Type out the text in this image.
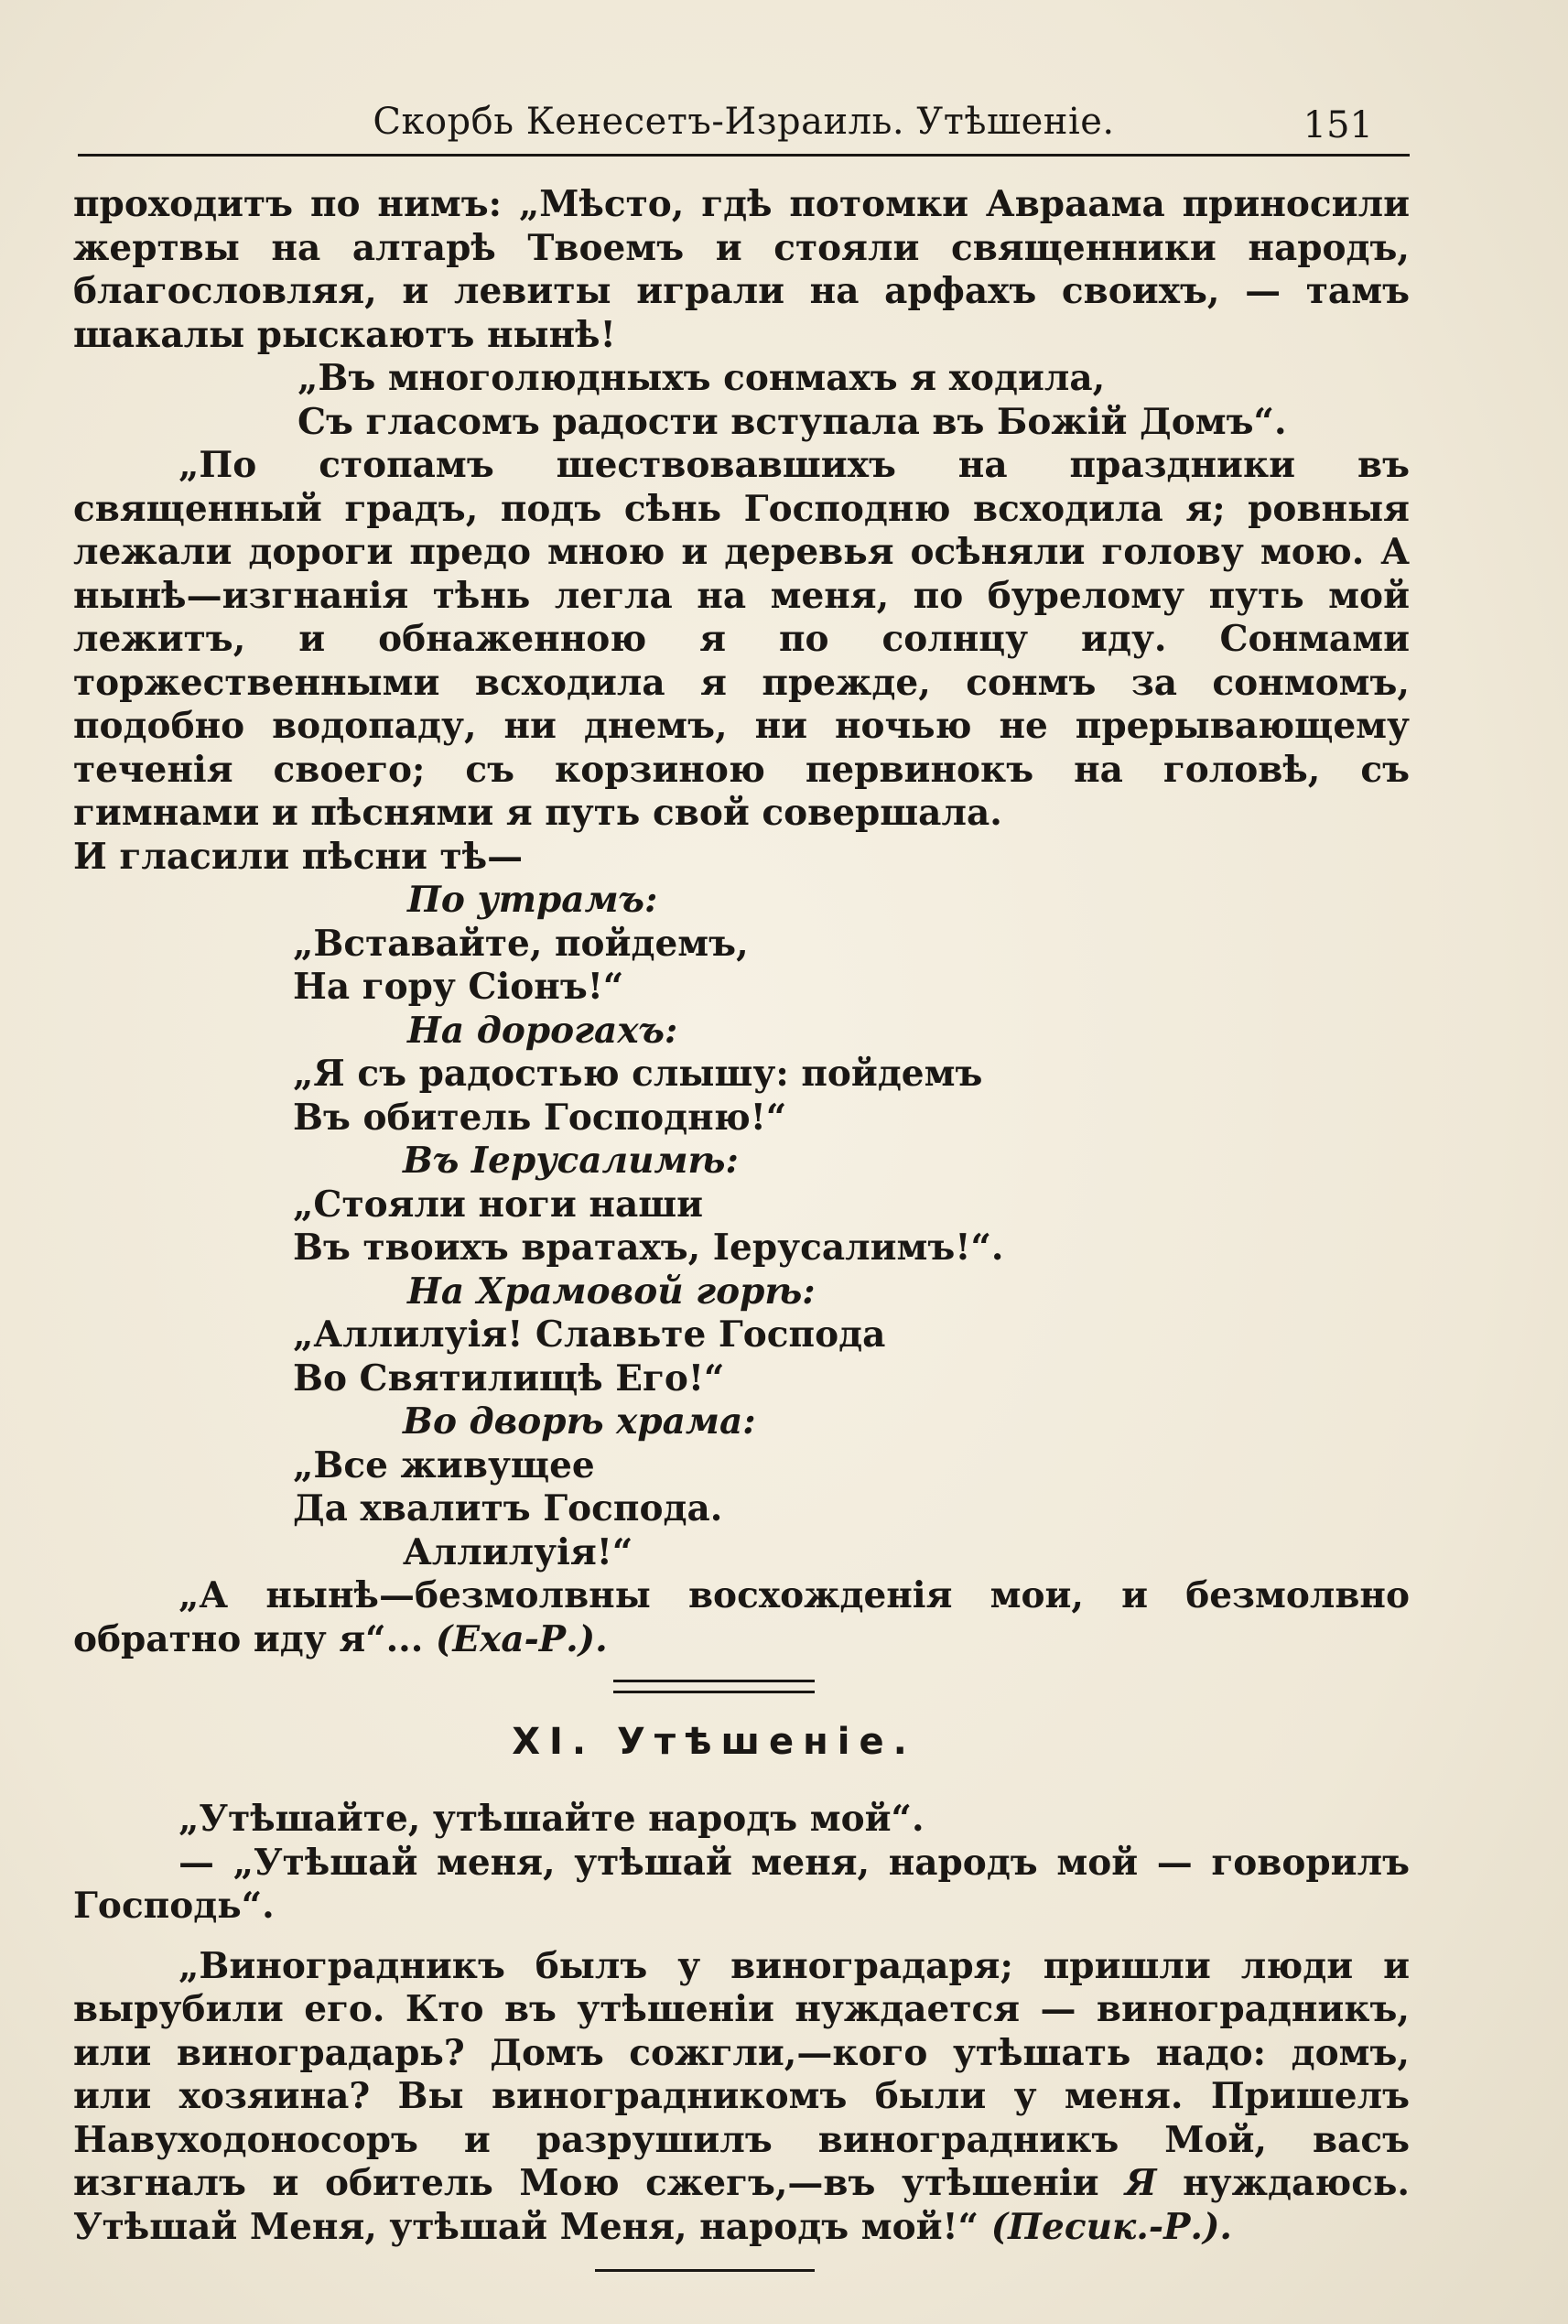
Скорбь Кенесетъ-Израиль. Утѣшеніе.	151

проходитъ по нимъ: „Мѣсто, гдѣ потомки Авраама приносили жертвы на алтарѣ Твоемъ и стояли священники народъ, благословляя, и левиты играли на арфахъ своихъ, — тамъ шакалы рыскаютъ нынѣ!

„Въ многолюдныхъ сонмахъ я ходила,

Съ гласомъ радости вступала въ Божій Домъ“.

„По стопамъ шествовавшихъ на праздники въ священный градъ, подъ сѣнь Господню всходила я; ровныя лежали дороги предо мною и деревья осѣняли голову мою. А нынѣ—изгнанія тѣнь легла на меня, по бурелому путь мой лежитъ, и обнаженною я по солнцу иду. Сонмами торжественными всходила я прежде, сонмъ за сонмомъ, подобно водопаду, ни днемъ, ни ночью не прерывающему теченія своего; съ корзиною первинокъ на головѣ, съ гимнами и пѣснями я путь свой совершала.

И гласили пѣсни тѣ—

По утрамъ:

„Вставайте, пойдемъ,

На гору Сіонъ!“

На дорогахъ:

„Я съ радостью слышу: пойдемъ

Въ обитель Господню!“

Въ Іерусалимѣ:

„Стояли ноги наши

Въ твоихъ вратахъ, Іерусалимъ!“.

На Храмовой горѣ:

„Аллилуія! Славьте Господа

Во Святилищѣ Его!“

Во дворѣ храма:

„Все живущее

Да хвалитъ Господа.

Аллилуія!“

„А нынѣ—безмолвны восхожденія мои, и безмолвно обратно иду я“... (Еха-Р.).

XI. Утѣшеніе.

„Утѣшайте, утѣшайте народъ мой“.

— „Утѣшай меня, утѣшай меня, народъ мой — говорилъ Господь“.

„Виноградникъ былъ у виноградаря; пришли люди и вырубили его. Кто въ утѣшеніи нуждается — виноградникъ, или виноградарь? Домъ сожгли,—кого утѣшать надо: домъ, или хозяина? Вы виноградникомъ были у меня. Пришелъ Навуходоносоръ и разрушилъ виноградникъ Мой, васъ изгналъ и обитель Мою сжегъ,—въ утѣшеніи Я нуждаюсь. Утѣшай Меня, утѣшай Меня, народъ мой!“ (Песик.-Р.).
